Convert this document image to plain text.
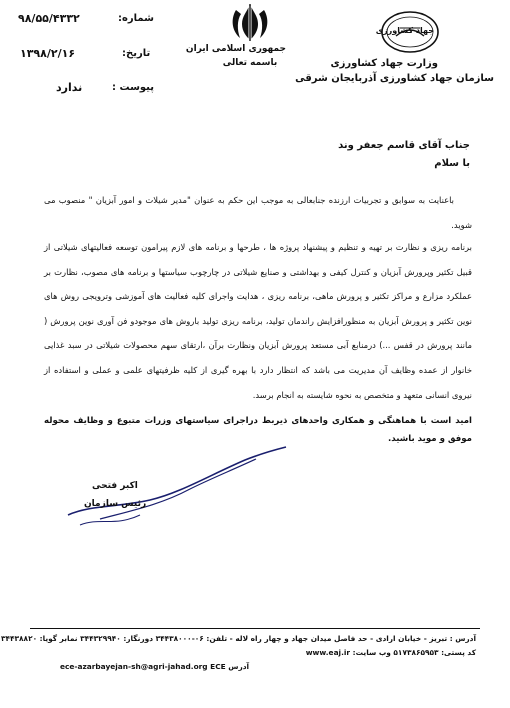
جهاد کشاورزی
وزارت جهاد کشاورزی
سازمان جهاد کشاورزی آذربایجان شرقی
جمهوری اسلامی ایران
باسمه تعالی
شماره:
۹۸/۵۵/۴۳۳۲
تاریخ:
۱۳۹۸/۲/۱۶
پیوست :
ندارد
جناب آقای قاسم جعفر وند
با سلام

باعنایت به سوابق و تجربیات ارزنده جنابعالی به موجب این حکم به عنوان "مدیر شیلات و امور آبزیان " منصوب می شوید.

برنامه ریزی و نظارت بر تهیه و تنظیم و پیشنهاد پروژه ها ، طرحها و برنامه های لازم پیرامون توسعه فعالیتهای شیلاتی از قبیل تکثیر وپرورش آبزیان و کنترل کیفی و بهداشتی و صنایع شیلاتی در چارچوب سیاستها و برنامه های مصوب، نظارت بر عملکرد مزارع و مراکز تکثیر و پرورش ماهی، برنامه ریزی ، هدایت واجرای کلیه فعالیت های آموزشی وترویجی روش های نوین تکثیر و پرورش آبزیان به منظورافزایش راندمان تولید، برنامه ریزی تولید باروش های موجودو فن آوری نوین پرورش ( مانند پرورش در قفس ...) درمنابع آبی مستعد پرورش آبزیان ونظارت برآن ،ارتقای سهم محصولات شیلاتی در سبد غذایی خانوار از عمده وظایف آن مدیریت می باشد که انتظار دارد با بهره گیری از کلیه ظرفیتهای علمی و عملی و استفاده از نیروی انسانی متعهد و متخصص به نحوه شایسته به انجام برسد.

امید است با هماهنگی و همکاری واحدهای ذیربط دراجرای سیاستهای وزرات متبوع و وظایف محوله موفق و موید باشید.
اکبر فتحی
رئیس سازمان
آدرس : تبریز - خیابان ارادی - حد فاصل میدان جهاد و چهار راه لاله - تلفن: ۰۶-۳۴۴۳۸۰۰۰ دورنگار: ۳۴۴۳۲۹۹۴۰ نمابر گویا: ۳۴۴۳۸۸۲۰
کد پستی: ۵۱۷۳۸۶۵۹۵۳ وب سایت: www.eaj.ir
ece-azarbayejan-sh@agri-jahad.org ECE آدرس
